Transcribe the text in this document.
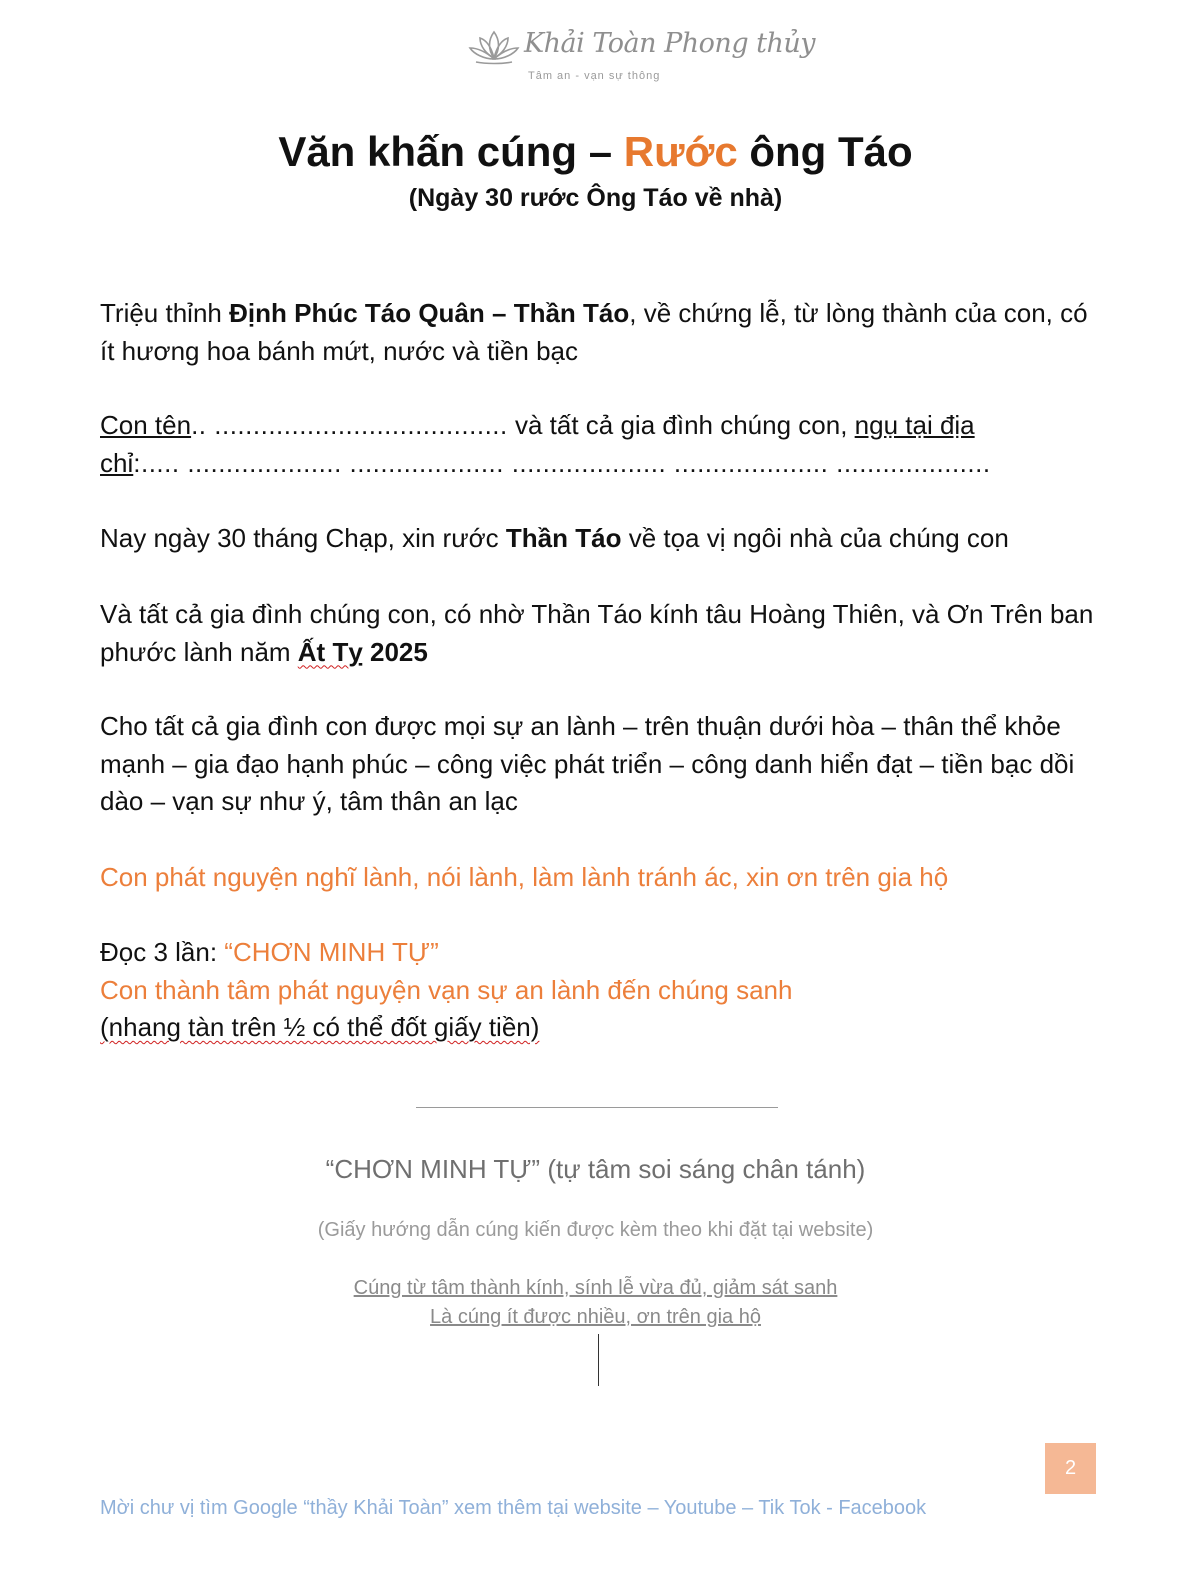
Khải Toàn Phong thủy
Tâm an - vạn sự thông
Văn khấn cúng – Rước ông Táo
(Ngày 30 rước Ông Táo về nhà)
Triệu thỉnh Định Phúc Táo Quân – Thần Táo, về chứng lễ, từ lòng thành của con, có ít hương hoa bánh mứt, nước và tiền bạc
Con tên.. ...................................... và tất cả gia đình chúng con, ngụ tại địa
chỉ:..... .................... .................... .................... .................... ....................
Nay ngày 30 tháng Chạp, xin rước Thần Táo về tọa vị ngôi nhà của chúng con
Và tất cả gia đình chúng con, có nhờ Thần Táo kính tâu Hoàng Thiên, và Ơn Trên ban phước lành năm Ất Tỵ 2025
Cho tất cả gia đình con được mọi sự an lành – trên thuận dưới hòa – thân thể khỏe mạnh – gia đạo hạnh phúc – công việc phát triển – công danh hiển đạt – tiền bạc dồi dào – vạn sự như ý, tâm thân an lạc
Con phát nguyện nghĩ lành, nói lành, làm lành tránh ác, xin ơn trên gia hộ
Đọc 3 lần: “CHƠN MINH TỰ”
Con thành tâm phát nguyện vạn sự an lành đến chúng sanh
(nhang tàn trên ½ có thể đốt giấy tiền)
“CHƠN MINH TỰ” (tự tâm soi sáng chân tánh)
(Giấy hướng dẫn cúng kiến được kèm theo khi đặt tại website)
Cúng từ tâm thành kính, sính lễ vừa đủ, giảm sát sanh
Là cúng ít được nhiều, ơn trên gia hộ
2
Mời chư vị tìm Google “thầy Khải Toàn” xem thêm tại website – Youtube – Tik Tok - Facebook
